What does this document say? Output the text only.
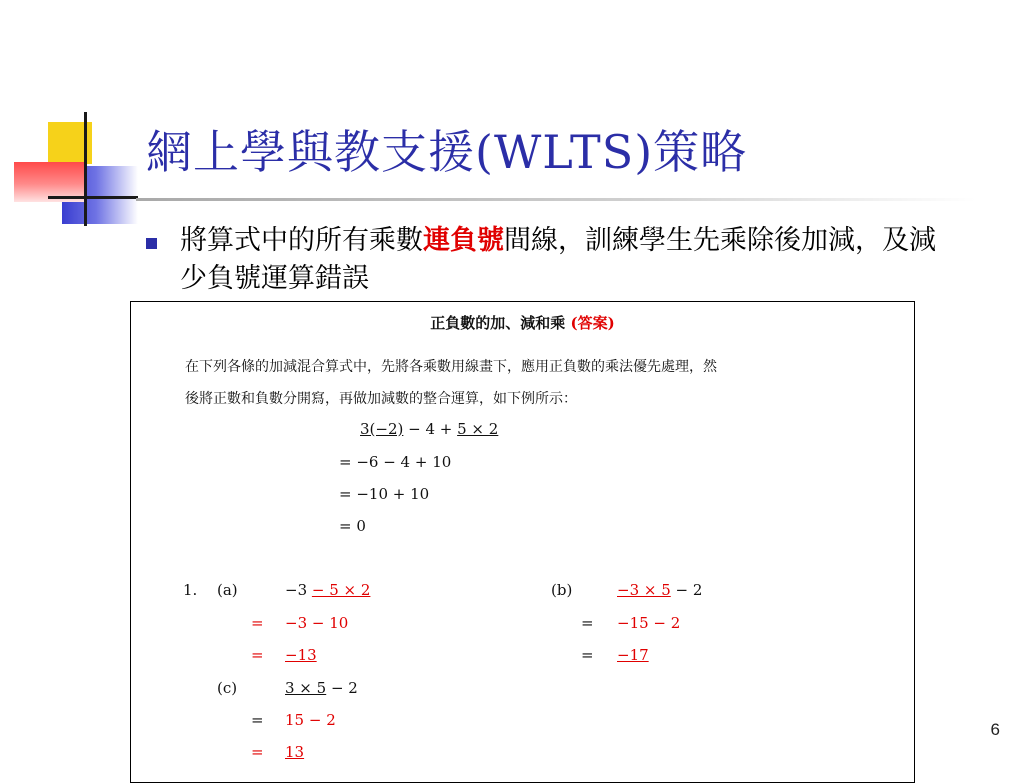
網上學與教支援(WLTS)策略
將算式中的所有乘數連負號間線，訓練學生先乘除後加減，及減少負號運算錯誤
正負數的加、減和乘 (答案)
在下列各條的加減混合算式中，先將各乘數用線畫下，應用正負數的乘法優先處理，然
後將正數和負數分開寫，再做加減數的整合運算，如下例所示：
3(−2) − 4 + 5 × 2
= −6 − 4 + 10
= −10 + 10
= 0
1. (a)	−3 − 5 × 2
= −3 − 10
= −13
(b)	−3 × 5 − 2
= −15 − 2
= −17
(c)	3 × 5 − 2
= 15 − 2
= 13
6
